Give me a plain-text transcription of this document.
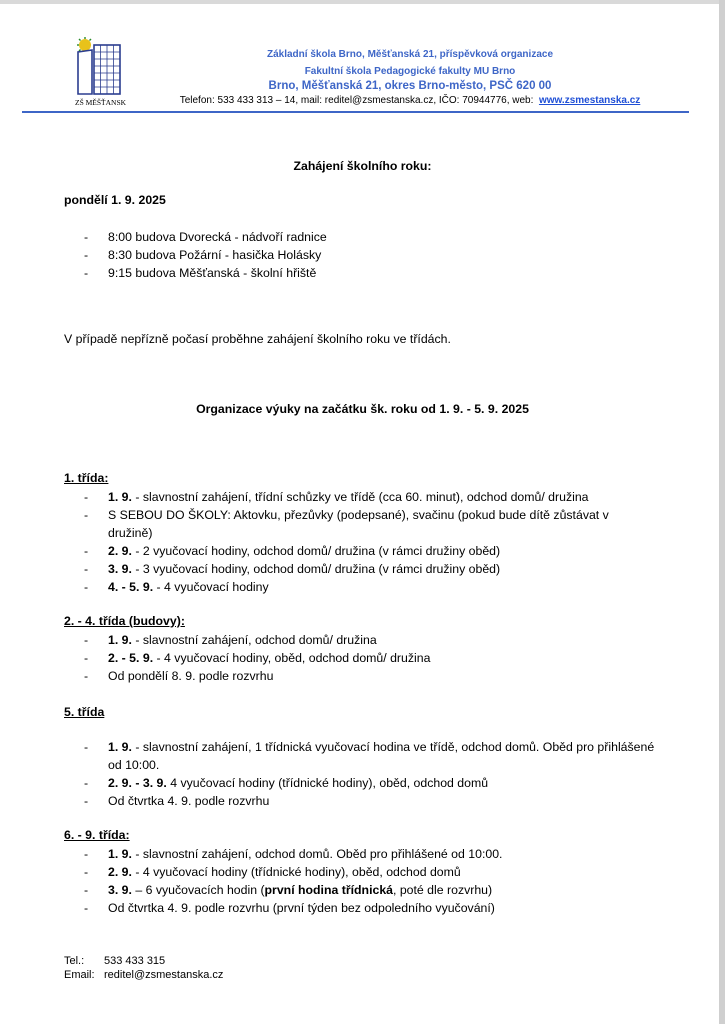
ZŠ MĚŠŤANSKÁ
Základní škola Brno, Měšťanská 21, příspěvková organizace
Fakultní škola Pedagogické fakulty MU Brno
Brno, Měšťanská 21, okres Brno-město, PSČ 620 00
Telefon: 533 433 313 – 14, mail: reditel@zsmestanska.cz, IČO: 70944776, web: www.zsmestanska.cz
Zahájení školního roku:
pondělí 1. 9. 2025
- 8:00 budova Dvorecká - nádvoří radnice
- 8:30 budova Požární - hasička Holásky
- 9:15 budova Měšťanská - školní hřiště
V případě nepřízně počasí proběhne zahájení školního roku ve třídách.
Organizace výuky na začátku šk. roku od 1. 9. - 5. 9. 2025
1. třída:
- 1. 9. - slavnostní zahájení, třídní schůzky ve třídě (cca 60. minut), odchod domů/ družina
- S SEBOU DO ŠKOLY: Aktovku, přezůvky (podepsané), svačinu (pokud bude dítě zůstávat v družině)
- 2. 9. - 2 vyučovací hodiny, odchod domů/ družina (v rámci družiny oběd)
- 3. 9. - 3 vyučovací hodiny, odchod domů/ družina (v rámci družiny oběd)
- 4. - 5. 9. - 4 vyučovací hodiny
2. - 4. třída (budovy):
- 1. 9. - slavnostní zahájení, odchod domů/ družina
- 2. - 5. 9. - 4 vyučovací hodiny, oběd, odchod domů/ družina
- Od pondělí 8. 9. podle rozvrhu
5. třída
- 1. 9. - slavnostní zahájení, 1 třídnická vyučovací hodina ve třídě, odchod domů. Oběd pro přihlášené od 10:00.
- 2. 9. - 3. 9. 4 vyučovací hodiny (třídnické hodiny), oběd, odchod domů
- Od čtvrtka 4. 9. podle rozvrhu
6. - 9. třída:
- 1. 9. - slavnostní zahájení, odchod domů. Oběd pro přihlášené od 10:00.
- 2. 9. - 4 vyučovací hodiny (třídnické hodiny), oběd, odchod domů
- 3. 9. – 6 vyučovacích hodin (první hodina třídnická, poté dle rozvrhu)
- Od čtvrtka 4. 9. podle rozvrhu (první týden bez odpoledního vyučování)
Tel.: 533 433 315
Email: reditel@zsmestanska.cz
